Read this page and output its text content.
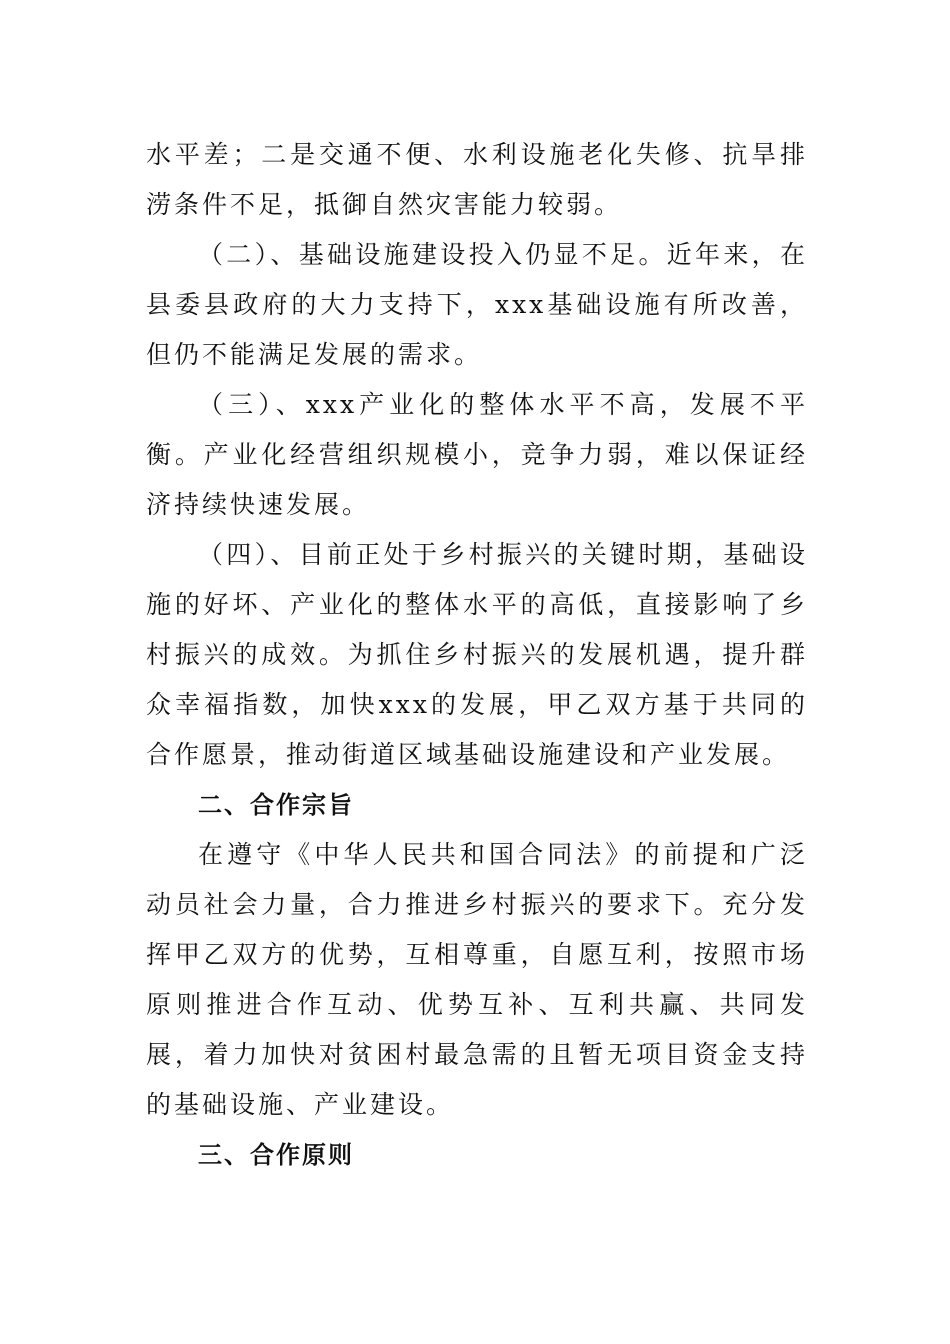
水平差；二是交通不便、水利设施老化失修、抗旱排涝条件不足，抵御自然灾害能力较弱。

（二）、基础设施建设投入仍显不足。近年来，在县委县政府的大力支持下，xxx基础设施有所改善，但仍不能满足发展的需求。

（三）、xxx产业化的整体水平不高，发展不平衡。产业化经营组织规模小，竞争力弱，难以保证经济持续快速发展。

（四）、目前正处于乡村振兴的关键时期，基础设施的好坏、产业化的整体水平的高低，直接影响了乡村振兴的成效。为抓住乡村振兴的发展机遇，提升群众幸福指数，加快xxx的发展，甲乙双方基于共同的合作愿景，推动街道区域基础设施建设和产业发展。

二、合作宗旨

在遵守《中华人民共和国合同法》的前提和广泛动员社会力量，合力推进乡村振兴的要求下。充分发挥甲乙双方的优势，互相尊重，自愿互利，按照市场原则推进合作互动、优势互补、互利共赢、共同发展，着力加快对贫困村最急需的且暂无项目资金支持的基础设施、产业建设。

三、合作原则
